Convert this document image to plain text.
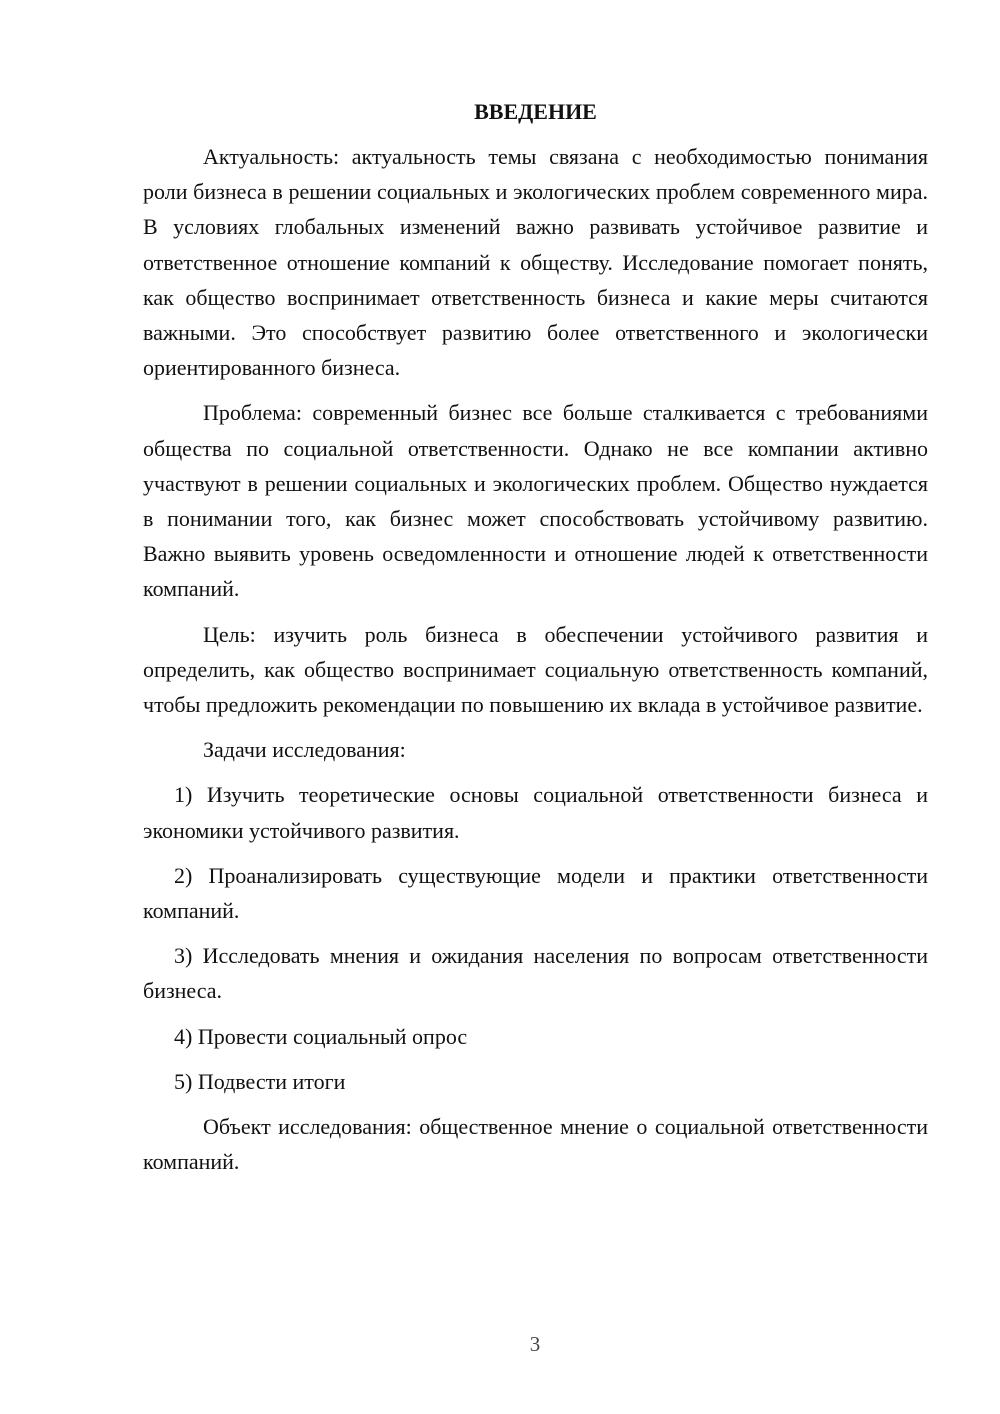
ВВЕДЕНИЕ

Актуальность: актуальность темы связана с необходимостью понимания роли бизнеса в решении социальных и экологических проблем современного мира. В условиях глобальных изменений важно развивать устойчивое развитие и ответственное отношение компаний к обществу. Исследование помогает понять, как общество воспринимает ответственность бизнеса и какие меры считаются важными. Это способствует развитию более ответственного и экологически ориентированного бизнеса.

Проблема: современный бизнес все больше сталкивается с требованиями общества по социальной ответственности. Однако не все компании активно участвуют в решении социальных и экологических проблем. Общество нуждается в понимании того, как бизнес может способствовать устойчивому развитию. Важно выявить уровень осведомленности и отношение людей к ответственности компаний.

Цель: изучить роль бизнеса в обеспечении устойчивого развития и определить, как общество воспринимает социальную ответственность компаний, чтобы предложить рекомендации по повышению их вклада в устойчивое развитие.

Задачи исследования:

1) Изучить теоретические основы социальной ответственности бизнеса и экономики устойчивого развития.

2) Проанализировать существующие модели и практики ответственности компаний.

3) Исследовать мнения и ожидания населения по вопросам ответственности бизнеса.

4) Провести социальный опрос

5) Подвести итоги

Объект исследования: общественное мнение о социальной ответственности компаний.

3
